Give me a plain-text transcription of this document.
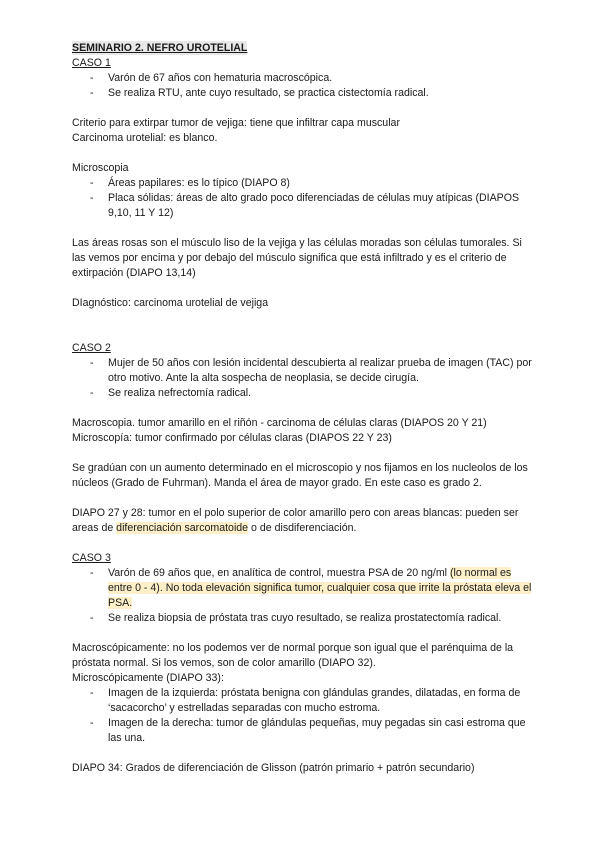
SEMINARIO 2. NEFRO UROTELIAL
CASO 1
- Varón de 67 años con hematuria macroscópica.
- Se realiza RTU, ante cuyo resultado, se practica cistectomía radical.

Criterio para extirpar tumor de vejiga: tiene que infiltrar capa muscular

Carcinoma urotelial: es blanco.

Microscopia

- Áreas papilares: es lo típico (DIAPO 8)
- Placa sólidas: áreas de alto grado poco diferenciadas de células muy atípicas (DIAPOS 9,10, 11 Y 12)

Las áreas rosas son el músculo liso de la vejiga y las células moradas son células tumorales. Si las vemos por encima y por debajo del músculo significa que está infiltrado y es el criterio de extirpación (DIAPO 13,14)

DIagnóstico: carcinoma urotelial de vejiga

CASO 2
- Mujer de 50 años con lesión incidental descubierta al realizar prueba de imagen (TAC) por otro motivo. Ante la alta sospecha de neoplasia, se decide cirugía.
- Se realiza nefrectomía radical.

Macroscopia. tumor amarillo en el riñón - carcinoma de células claras (DIAPOS 20 Y 21)

Microscopía: tumor confirmado por células claras (DIAPOS 22 Y 23)

Se gradúan con un aumento determinado en el microscopio y nos fijamos en los nucleolos de los núcleos (Grado de Fuhrman). Manda el área de mayor grado. En este caso es grado 2.

DIAPO 27 y 28: tumor en el polo superior de color amarillo pero con areas blancas: pueden ser areas de diferenciación sarcomatoide o de disdiferenciación.

CASO 3
- Varón de 69 años que, en analítica de control, muestra PSA de 20 ng/ml (lo normal es entre 0 - 4). No toda elevación significa tumor, cualquier cosa que irrite la próstata eleva el PSA.
- Se realiza biopsia de próstata tras cuyo resultado, se realiza prostatectomía radical.

Macroscópicamente: no los podemos ver de normal porque son igual que el parénquima de la próstata normal. Si los vemos, son de color amarillo (DIAPO 32).

Microscópicamente (DIAPO 33):

- Imagen de la izquierda: próstata benigna con glándulas grandes, dilatadas, en forma de ‘sacacorcho’ y estrelladas separadas con mucho estroma.
- Imagen de la derecha: tumor de glándulas pequeñas, muy pegadas sin casi estroma que las una.

DIAPO 34: Grados de diferenciación de Glisson (patrón primario + patrón secundario)
